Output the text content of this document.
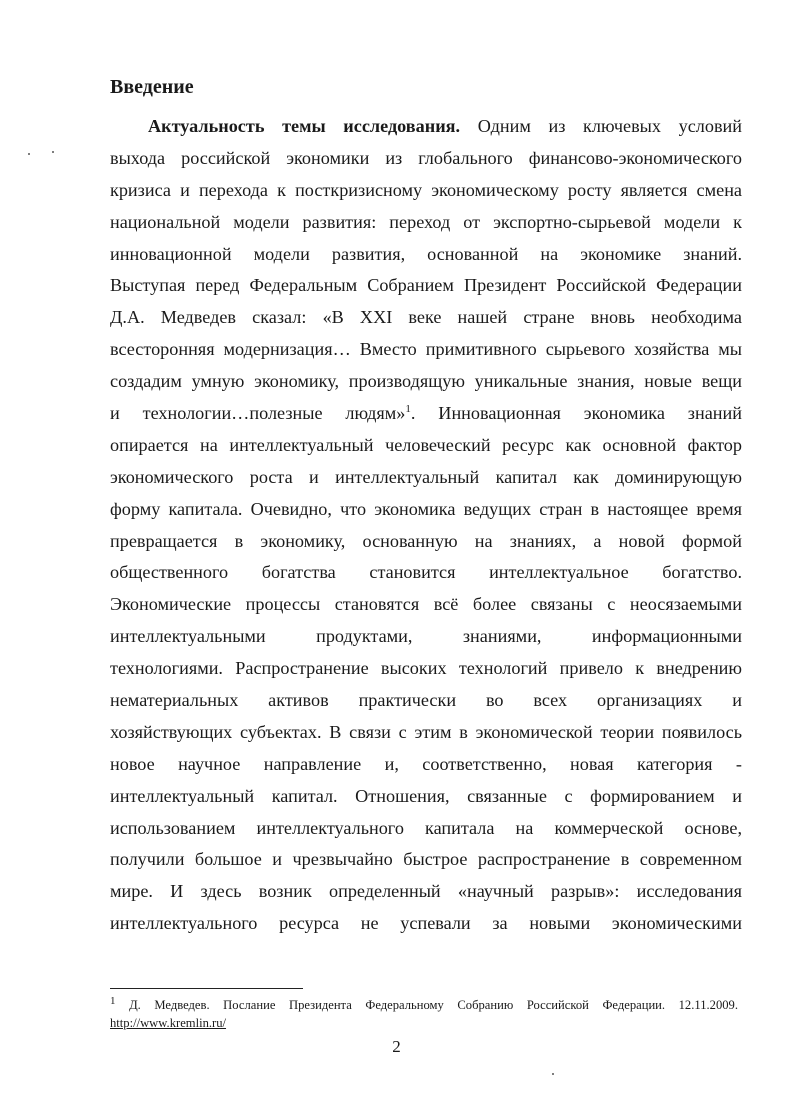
Введение
Актуальность темы исследования. Одним из ключевых условий
выхода российской экономики из глобального финансово-экономического
кризиса и перехода к посткризисному экономическому росту является смена
национальной модели развития: переход от экспортно-сырьевой модели к
инновационной модели развития, основанной на экономике знаний.
Выступая перед Федеральным Собранием Президент Российской Федерации
Д.А. Медведев сказал: «В XXI веке нашей стране вновь необходима
всесторонняя модернизация… Вместо примитивного сырьевого хозяйства мы
создадим умную экономику, производящую уникальные знания, новые вещи
и технологии…полезные людям»$^1$. Инновационная экономика знаний
опирается на интеллектуальный человеческий ресурс как основной фактор
экономического роста и интеллектуальный капитал как доминирующую
форму капитала. Очевидно, что экономика ведущих стран в настоящее время
превращается в экономику, основанную на знаниях, а новой формой
общественного богатства становится интеллектуальное богатство.
Экономические процессы становятся всё более связаны с неосязаемыми
интеллектуальными продуктами, знаниями, информационными
технологиями. Распространение высоких технологий привело к внедрению
нематериальных активов практически во всех организациях и
хозяйствующих субъектах. В связи с этим в экономической теории появилось
новое научное направление и, соответственно, новая категория -
интеллектуальный капитал. Отношения, связанные с формированием и
использованием интеллектуального капитала на коммерческой основе,
получили большое и чрезвычайно быстрое распространение в современном
мире. И здесь возник определенный «научный разрыв»: исследования
интеллектуального ресурса не успевали за новыми экономическими
$^1$ Д. Медведев. Послание Президента Федеральному Собранию Российской Федерации. 12.11.2009.
http://www.kremlin.ru/
2
